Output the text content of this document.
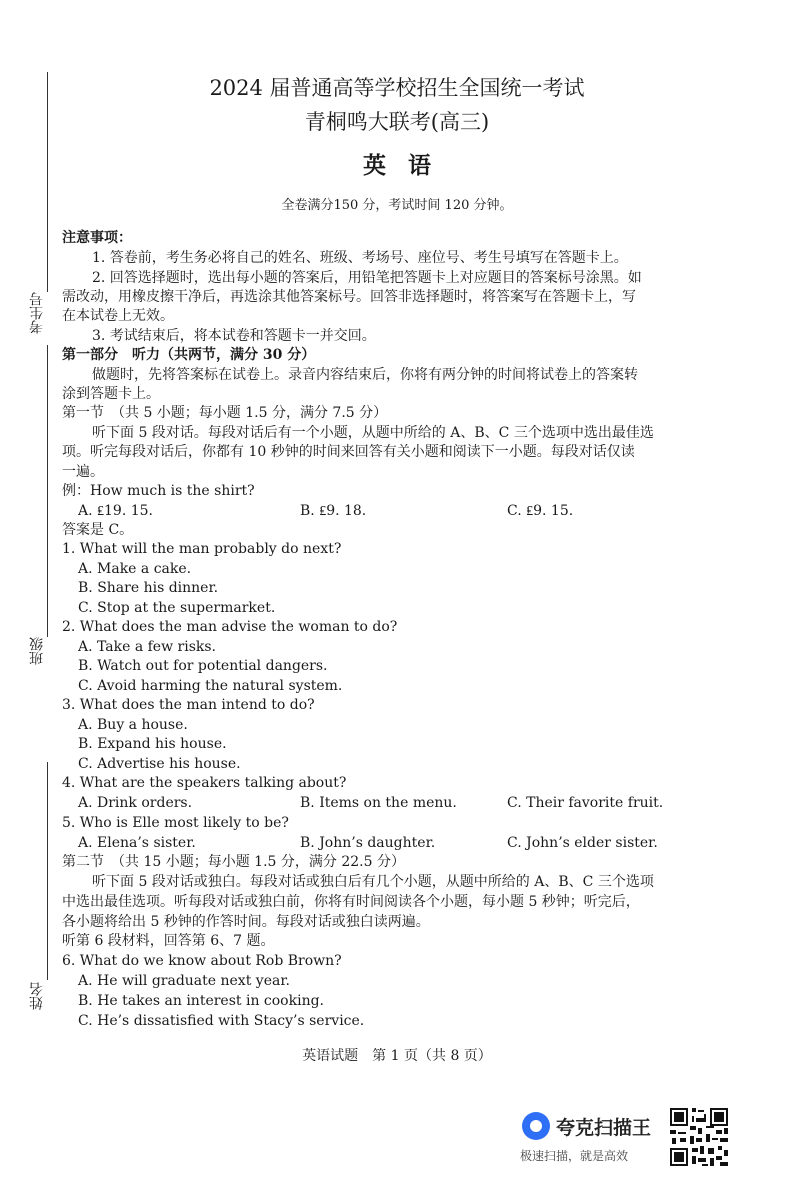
考生号
班级
姓名
2024 届普通高等学校招生全国统一考试
青桐鸣大联考(高三)
英语
全卷满分150 分，考试时间 120 分钟。
注意事项：
1. 答卷前，考生务必将自己的姓名、班级、考场号、座位号、考生号填写在答题卡上。
2. 回答选择题时，选出每小题的答案后，用铅笔把答题卡上对应题目的答案标号涂黑。如
需改动，用橡皮擦干净后，再选涂其他答案标号。回答非选择题时，将答案写在答题卡上，写
在本试卷上无效。
3. 考试结束后，将本试卷和答题卡一并交回。
第一部分　听力（共两节，满分 30 分）
做题时，先将答案标在试卷上。录音内容结束后，你将有两分钟的时间将试卷上的答案转
涂到答题卡上。
第一节　（共 5 小题；每小题 1.5 分，满分 7.5 分）
听下面 5 段对话。每段对话后有一个小题，从题中所给的 A、B、C 三个选项中选出最佳选
项。听完每段对话后，你都有 10 秒钟的时间来回答有关小题和阅读下一小题。每段对话仅读
一遍。
例：How much is the shirt?
A. ₤19. 15.	B. ₤9. 18.	C. ₤9. 15.
答案是 C。
1. What will the man probably do next?
A. Make a cake.
B. Share his dinner.
C. Stop at the supermarket.
2. What does the man advise the woman to do?
A. Take a few risks.
B. Watch out for potential dangers.
C. Avoid harming the natural system.
3. What does the man intend to do?
A. Buy a house.
B. Expand his house.
C. Advertise his house.
4. What are the speakers talking about?
A. Drink orders.	B. Items on the menu.	C. Their favorite fruit.
5. Who is Elle most likely to be?
A. Elena’s sister.	B. John’s daughter.	C. John’s elder sister.
第二节　（共 15 小题；每小题 1.5 分，满分 22.5 分）
听下面 5 段对话或独白。每段对话或独白后有几个小题，从题中所给的 A、B、C 三个选项
中选出最佳选项。听每段对话或独白前，你将有时间阅读各个小题，每小题 5 秒钟；听完后，
各小题将给出 5 秒钟的作答时间。每段对话或独白读两遍。
听第 6 段材料，回答第 6、7 题。
6. What do we know about Rob Brown?
A. He will graduate next year.
B. He takes an interest in cooking.
C. He’s dissatisfied with Stacy’s service.
英语试题　第 1 页（共 8 页）
夸克扫描王
极速扫描，就是高效
